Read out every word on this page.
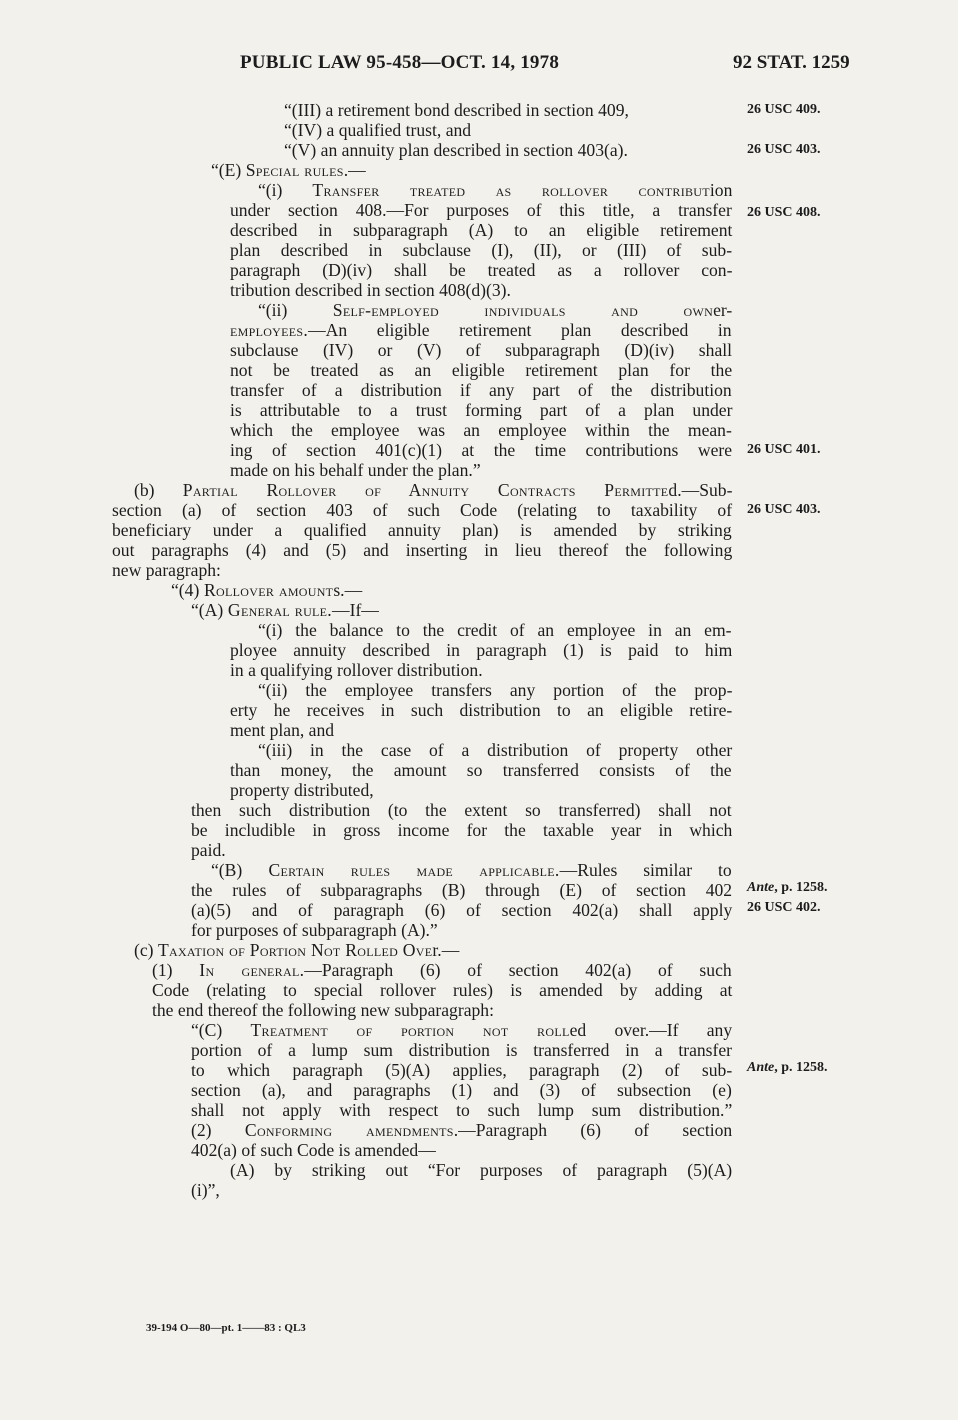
PUBLIC LAW 95-458—OCT. 14, 1978	92 STAT. 1259
“(III) a retirement bond described in section 409,
“(IV) a qualified trust, and
“(V) an annuity plan described in section 403(a).
“(E) Special rules.—
“(i) Transfer treated as rollover contribution
under section 408.—For purposes of this title, a transfer
described in subparagraph (A) to an eligible retirement
plan described in subclause (I), (II), or (III) of sub-
paragraph (D)(iv) shall be treated as a rollover con-
tribution described in section 408(d)(3).
“(ii) Self-employed individuals and owner-
employees.—An eligible retirement plan described in
subclause (IV) or (V) of subparagraph (D)(iv) shall
not be treated as an eligible retirement plan for the
transfer of a distribution if any part of the distribution
is attributable to a trust forming part of a plan under
which the employee was an employee within the mean-
ing of section 401(c)(1) at the time contributions were
made on his behalf under the plan.”
(b) Partial Rollover of Annuity Contracts Permitted.—Sub-
section (a) of section 403 of such Code (relating to taxability of
beneficiary under a qualified annuity plan) is amended by striking
out paragraphs (4) and (5) and inserting in lieu thereof the following
new paragraph:
“(4) Rollover amounts.—
“(A) General rule.—If—
“(i) the balance to the credit of an employee in an em-
ployee annuity described in paragraph (1) is paid to him
in a qualifying rollover distribution.
“(ii) the employee transfers any portion of the prop-
erty he receives in such distribution to an eligible retire-
ment plan, and
“(iii) in the case of a distribution of property other
than money, the amount so transferred consists of the
property distributed,
then such distribution (to the extent so transferred) shall not
be includible in gross income for the taxable year in which
paid.
“(B) Certain rules made applicable.—Rules similar to
the rules of subparagraphs (B) through (E) of section 402
(a)(5) and of paragraph (6) of section 402(a) shall apply
for purposes of subparagraph (A).”
(c) Taxation of Portion Not Rolled Over.—
(1) In general.—Paragraph (6) of section 402(a) of such
Code (relating to special rollover rules) is amended by adding at
the end thereof the following new subparagraph:
“(C) Treatment of portion not rolled over.—If any
portion of a lump sum distribution is transferred in a transfer
to which paragraph (5)(A) applies, paragraph (2) of sub-
section (a), and paragraphs (1) and (3) of subsection (e)
shall not apply with respect to such lump sum distribution.”
(2) Conforming amendments.—Paragraph (6) of section
402(a) of such Code is amended—
(A) by striking out “For purposes of paragraph (5)(A)
(i)”,
26 USC 409.
26 USC 403.
26 USC 408.
26 USC 401.
26 USC 403.
Ante, p. 1258.
26 USC 402.
Ante, p. 1258.
39-194 O—80—pt. 1——83 : QL3
